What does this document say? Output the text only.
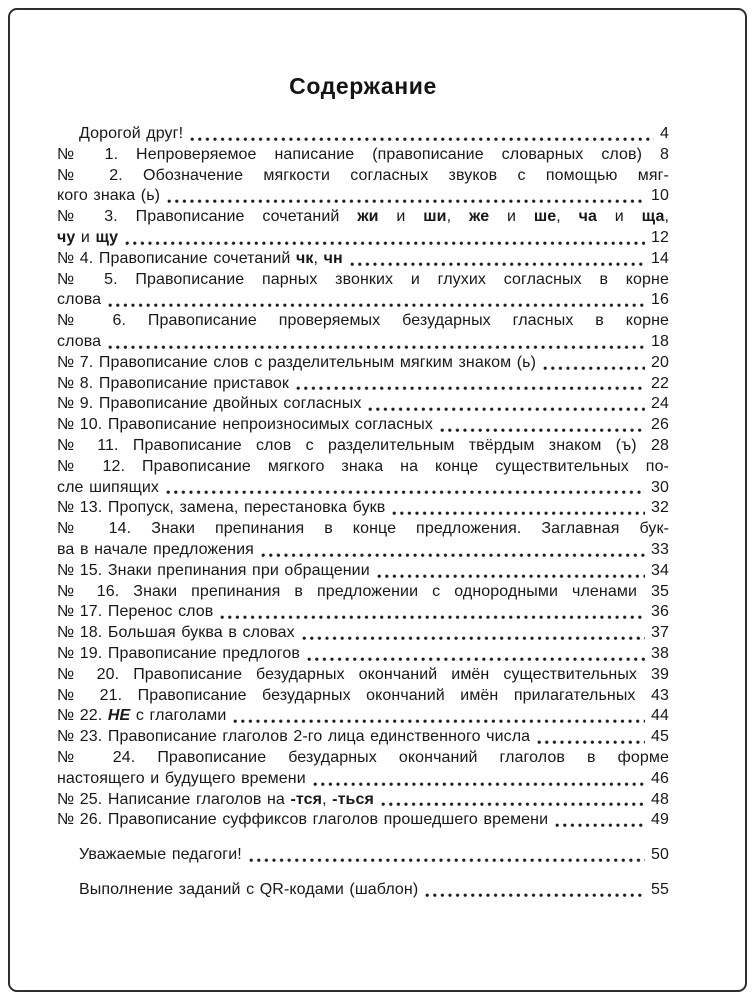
Содержание
Дорогой друг!	4
№ 1. Непроверяемое написание (правописание словарных слов) 8
№ 2. Обозначение мягкости согласных звуков с помощью мяг-
кого знака (ь)	10
№ 3. Правописание сочетаний жи и ши, же и ше, ча и ща,
чу и щу	12
№ 4. Правописание сочетаний чк, чн	14
№ 5. Правописание парных звонких и глухих согласных в корне
слова	16
№ 6. Правописание проверяемых безударных гласных в корне
слова	18
№ 7. Правописание слов с разделительным мягким знаком (ь)	20
№ 8. Правописание приставок	22
№ 9. Правописание двойных согласных	24
№ 10. Правописание непроизносимых согласных	26
№ 11. Правописание слов с разделительным твёрдым знаком (ъ) 28
№ 12. Правописание мягкого знака на конце существительных по-
сле шипящих	30
№ 13. Пропуск, замена, перестановка букв	32
№ 14. Знаки препинания в конце предложения. Заглавная бук-
ва в начале предложения	33
№ 15. Знаки препинания при обращении	34
№ 16. Знаки препинания в предложении с однородными членами 35
№ 17. Перенос слов	36
№ 18. Большая буква в словах	37
№ 19. Правописание предлогов	38
№ 20. Правописание безударных окончаний имён существительных 39
№ 21. Правописание безударных окончаний имён прилагательных 43
№ 22. НЕ с глаголами	44
№ 23. Правописание глаголов 2-го лица единственного числа	45
№ 24. Правописание безударных окончаний глаголов в форме
настоящего и будущего времени	46
№ 25. Написание глаголов на -тся, -ться	48
№ 26. Правописание суффиксов глаголов прошедшего времени	49
Уважаемые педагоги!	50
Выполнение заданий с QR-кодами (шаблон)	55
